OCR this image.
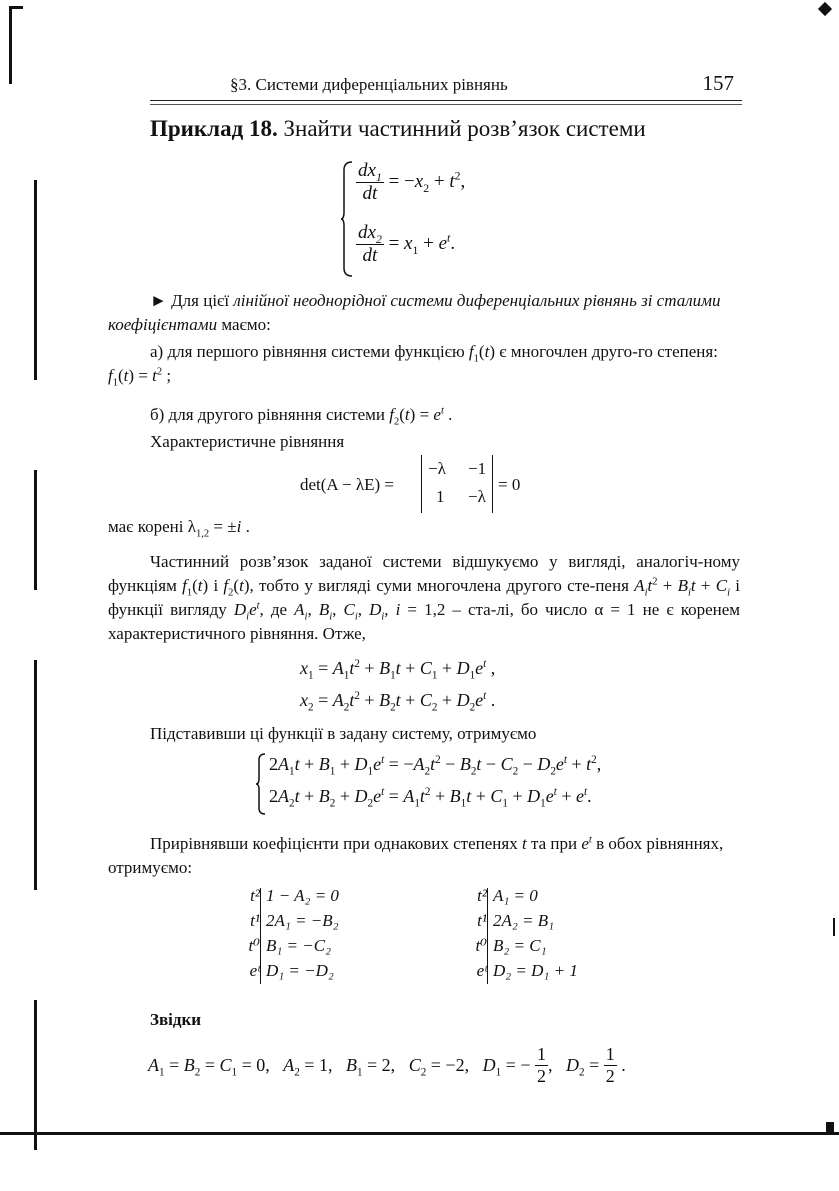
§3. Системи диференціальних рівнянь	157
Приклад 18. Знайти частинний розв’язок системи
$\frac{dx_1}{dt} = -x_2 + t^2$,
$\frac{dx_2}{dt} = x_1 + e^t$.
► Для цієї лінійної неоднорідної системи диференціальних рівнянь зі сталими коефіцієнтами маємо:
а) для першого рівняння системи функцією $f_1(t)$ є многочлен друго-го степеня: $f_1(t) = t^2$ ;
б) для другого рівняння системи $f_2(t) = e^t$ .
Характеристичне рівняння
det(A − λE) =
−λ −1
1 −λ
= 0
має корені $\lambda_{1,2} = \pm i$ .
Частинний розв’язок заданої системи відшукуємо у вигляді, аналогіч-ному функціям $f_1(t)$ і $f_2(t)$, тобто у вигляді суми многочлена другого сте-пеня $A_it^2 + B_it + C_i$ і функції вигляду $D_ie^t$, де $A_i$, $B_i$, $C_i$, $D_i$, i = 1,2 – ста-лі, бо число α = 1 не є коренем характеристичного рівняння. Отже,
$x_1 = A_1t^2 + B_1t + C_1 + D_1e^t$ ,
$x_2 = A_2t^2 + B_2t + C_2 + D_2e^t$ .
Підставивши ці функції в задану систему, отримуємо
$2A_1t + B_1 + D_1e^t = -A_2t^2 - B_2t - C_2 - D_2e^t + t^2$,
$2A_2t + B_2 + D_2e^t = A_1t^2 + B_1t + C_1 + D_1e^t + e^t$.
Прирівнявши коефіцієнти при однакових степенях t та при $e^t$ в обох рівняннях, отримуємо:
t² 1 − A₂ = 0
t¹ 2A₁ = −B₂
t⁰ B₁ = −C₂
eᵗ D₁ = −D₂
t² A₁ = 0
t¹ 2A₂ = B₁
t⁰ B₂ = C₁
eᵗ D₂ = D₁ + 1
Звідки
$A_1 = B_2 = C_1 = 0$,   $A_2 = 1$,   $B_1 = 2$,   $C_2 = -2$,   $D_1$ = − $\frac{1}{2}$ ,   $D_2 = \frac{1}{2}$ .
